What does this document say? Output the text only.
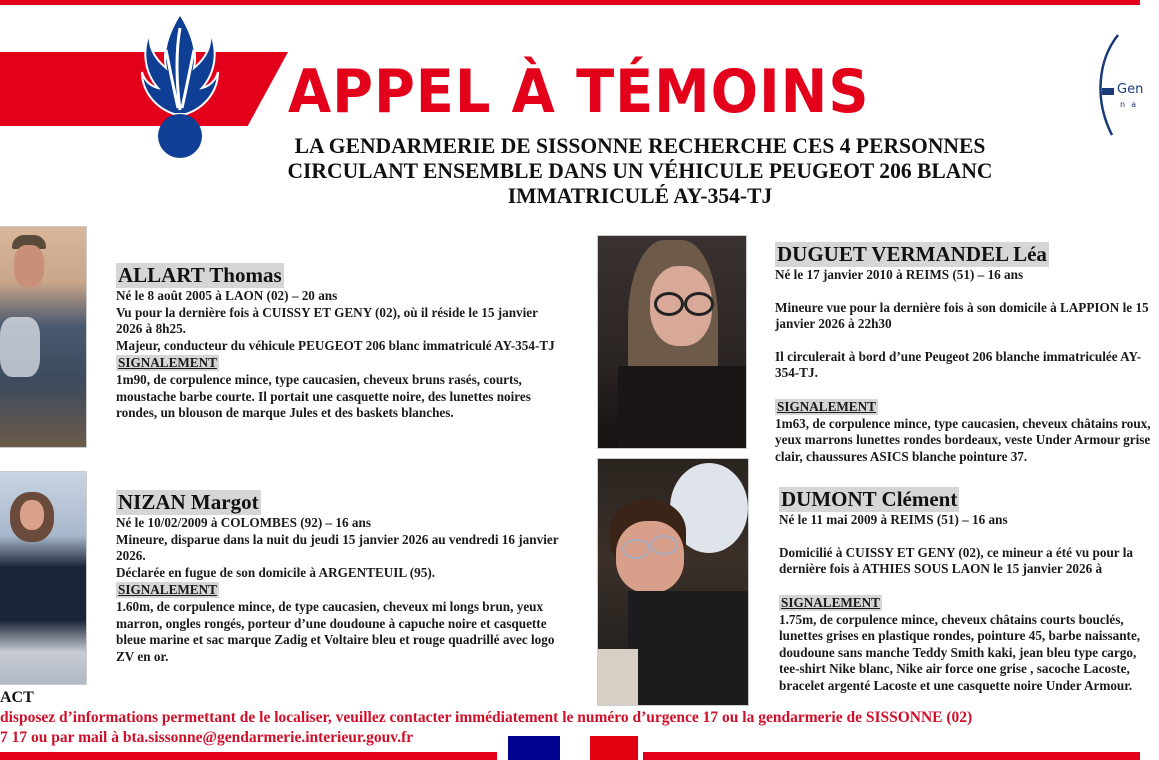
APPEL À TÉMOINS	Gen
na
LA GENDARMERIE DE SISSONNE RECHERCHE CES 4 PERSONNES
CIRCULANT ENSEMBLE DANS UN VÉHICULE PEUGEOT 206 BLANC
IMMATRICULÉ AY-354-TJ
ALLART Thomas

Né le 8 août 2005 à LAON (02) – 20 ans

Vu pour la dernière fois à CUISSY ET GENY (02), où il réside le 15 janvier 2026 à 8h25.

Majeur, conducteur du véhicule PEUGEOT 206 blanc immatriculé AY-354-TJ

SIGNALEMENT

1m90, de corpulence mince, type caucasien, cheveux bruns rasés, courts, moustache barbe courte. Il portait une casquette noire, des lunettes noires rondes, un blouson de marque Jules et des baskets blanches.

NIZAN Margot

Né le 10/02/2009 à COLOMBES (92) – 16 ans

Mineure, disparue dans la nuit du jeudi 15 janvier 2026 au vendredi 16 janvier 2026.

Déclarée en fugue de son domicile à ARGENTEUIL (95).

SIGNALEMENT

1.60m, de corpulence mince, de type caucasien, cheveux mi longs brun, yeux marron, ongles rongés, porteur d’une doudoune à capuche noire et casquette bleue marine et sac marque Zadig et Voltaire bleu et rouge quadrillé avec logo ZV en or.

DUGUET VERMANDEL Léa

Né le 17 janvier 2010 à REIMS (51) – 16 ans

Mineure vue pour la dernière fois à son domicile à LAPPION le 15 janvier 2026 à 22h30

Il circulerait à bord d’une Peugeot 206 blanche immatriculée AY-354-TJ.

SIGNALEMENT

1m63, de corpulence mince, type caucasien, cheveux châtains roux, yeux marrons lunettes rondes bordeaux, veste Under Armour grise clair, chaussures ASICS blanche pointure 37.

DUMONT Clément

Né le 11 mai 2009 à REIMS (51) – 16 ans

Domicilié à CUISSY ET GENY (02), ce mineur a été vu pour la dernière fois à ATHIES SOUS LAON le 15 janvier 2026 à

SIGNALEMENT

1.75m, de corpulence mince, cheveux châtains courts bouclés, lunettes grises en plastique rondes, pointure 45, barbe naissante, doudoune sans manche Teddy Smith kaki, jean bleu type cargo, tee-shirt Nike blanc, Nike air force one grise , sacoche Lacoste, bracelet argenté Lacoste et une casquette noire Under Armour.

ACT
disposez d’informations permettant de le localiser, veuillez contacter immédiatement le numéro d’urgence 17 ou la gendarmerie de SISSONNE (02)
7 17 ou par mail à bta.sissonne@gendarmerie.interieur.gouv.fr
